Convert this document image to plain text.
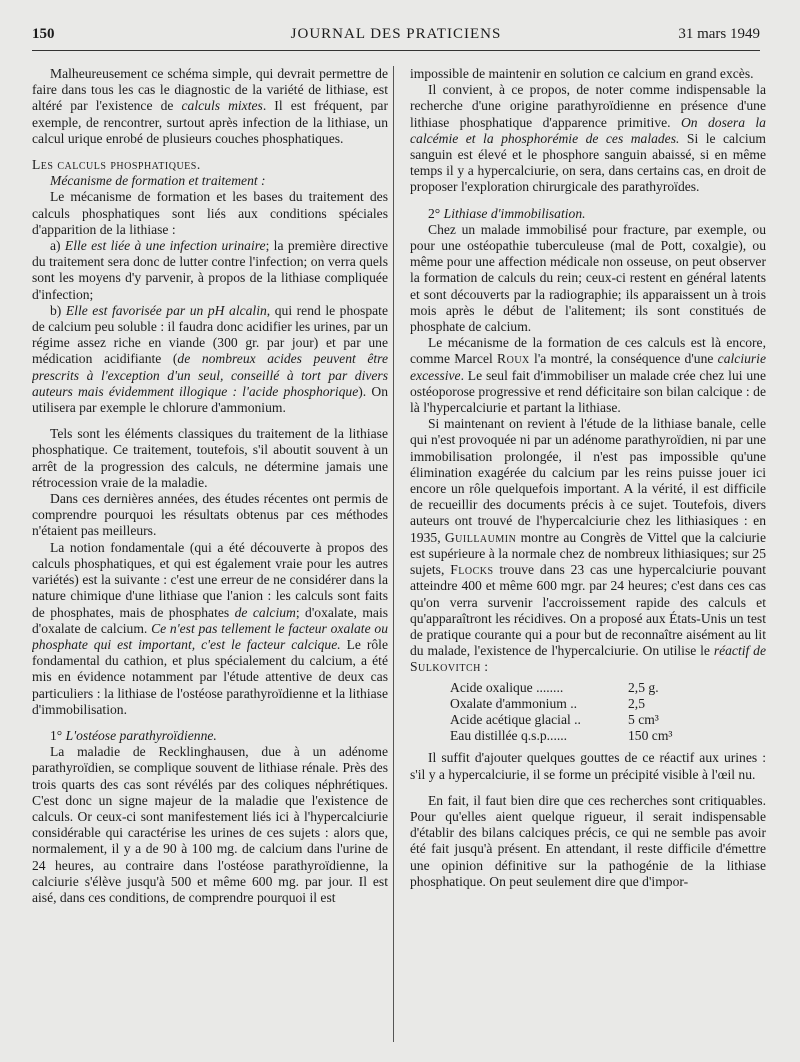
150	JOURNAL DES PRATICIENS	31 mars 1949

Malheureusement ce schéma simple, qui devrait permettre de faire dans tous les cas le diagnostic de la variété de lithiase, est altéré par l'existence de calculs mixtes. Il est fréquent, par exemple, de rencontrer, surtout après infection de la lithiase, un calcul urique enrobé de plusieurs couches phosphatiques.

Les calculs phosphatiques.

Mécanisme de formation et traitement :

Le mécanisme de formation et les bases du traitement des calculs phosphatiques sont liés aux conditions spéciales d'apparition de la lithiase :

a) Elle est liée à une infection urinaire; la première directive du traitement sera donc de lutter contre l'infection; on verra quels sont les moyens d'y parvenir, à propos de la lithiase compliquée d'infection;

b) Elle est favorisée par un pH alcalin, qui rend le phospate de calcium peu soluble : il faudra donc acidifier les urines, par un régime assez riche en viande (300 gr. par jour) et par une médication acidifiante (de nombreux acides peuvent être prescrits à l'exception d'un seul, conseillé à tort par divers auteurs mais évidemment illogique : l'acide phosphorique). On utilisera par exemple le chlorure d'ammonium.

Tels sont les éléments classiques du traitement de la lithiase phosphatique. Ce traitement, toutefois, s'il aboutit souvent à un arrêt de la progression des calculs, ne détermine jamais une rétrocession vraie de la maladie.

Dans ces dernières années, des études récentes ont permis de comprendre pourquoi les résultats obtenus par ces méthodes n'étaient pas meilleurs.

La notion fondamentale (qui a été découverte à propos des calculs phosphatiques, et qui est également vraie pour les autres variétés) est la suivante : c'est une erreur de ne considérer dans la nature chimique d'une lithiase que l'anion : les calculs sont faits de phosphates, mais de phosphates de calcium; d'oxalate, mais d'oxalate de calcium. Ce n'est pas tellement le facteur oxalate ou phosphate qui est important, c'est le facteur calcique. Le rôle fondamental du cathion, et plus spécialement du calcium, a été mis en évidence notamment par l'étude attentive de deux cas particuliers : la lithiase de l'ostéose parathyroïdienne et la lithiase d'immobilisation.

1° L'ostéose parathyroïdienne.

La maladie de Recklinghausen, due à un adénome parathyroïdien, se complique souvent de lithiase rénale. Près des trois quarts des cas sont révélés par des coliques néphrétiques. C'est donc un signe majeur de la maladie que l'existence de calculs. Or ceux-ci sont manifestement liés ici à l'hypercalciurie considérable qui caractérise les urines de ces sujets : alors que, normalement, il y a de 90 à 100 mg. de calcium dans l'urine de 24 heures, au contraire dans l'ostéose parathyroïdienne, la calciurie s'élève jusqu'à 500 et même 600 mg. par jour. Il est aisé, dans ces conditions, de comprendre pourquoi il est

impossible de maintenir en solution ce calcium en grand excès.

Il convient, à ce propos, de noter comme indispensable la recherche d'une origine parathyroïdienne en présence d'une lithiase phosphatique d'apparence primitive. On dosera la calcémie et la phosphorémie de ces malades. Si le calcium sanguin est élevé et le phosphore sanguin abaissé, si en même temps il y a hypercalciurie, on sera, dans certains cas, en droit de proposer l'exploration chirurgicale des parathyroïdes.

2° Lithiase d'immobilisation.

Chez un malade immobilisé pour fracture, par exemple, ou pour une ostéopathie tuberculeuse (mal de Pott, coxalgie), ou même pour une affection médicale non osseuse, on peut observer la formation de calculs du rein; ceux-ci restent en général latents et sont découverts par la radiographie; ils apparaissent un à trois mois après le début de l'alitement; ils sont constitués de phosphate de calcium.

Le mécanisme de la formation de ces calculs est là encore, comme Marcel Roux l'a montré, la conséquence d'une calciurie excessive. Le seul fait d'immobiliser un malade crée chez lui une ostéoporose progressive et rend déficitaire son bilan calcique : de là l'hypercalciurie et partant la lithiase.

Si maintenant on revient à l'étude de la lithiase banale, celle qui n'est provoquée ni par un adénome parathyroïdien, ni par une immobilisation prolongée, il n'est pas impossible qu'une élimination exagérée du calcium par les reins puisse jouer ici encore un rôle quelquefois important. A la vérité, il est difficile de recueillir des documents précis à ce sujet. Toutefois, divers auteurs ont trouvé de l'hypercalciurie chez les lithiasiques : en 1935, Guillaumin montre au Congrès de Vittel que la calciurie est supérieure à la normale chez de nombreux lithiasiques; sur 25 sujets, Flocks trouve dans 23 cas une hypercalciurie pouvant atteindre 400 et même 600 mgr. par 24 heures; c'est dans ces cas qu'on verra survenir l'accroissement rapide des calculs et qu'apparaîtront les récidives. On a proposé aux États-Unis un test de pratique courante qui a pour but de reconnaître aisément au lit du malade, l'existence de l'hypercalciurie. On utilise le réactif de Sulkovitch :

Acide oxalique ........	2,5 g.
Oxalate d'ammonium ..	2,5
Acide acétique glacial ..	5 cm³
Eau distillée q.s.p......	150 cm³

Il suffit d'ajouter quelques gouttes de ce réactif aux urines : s'il y a hypercalciurie, il se forme un précipité visible à l'œil nu.

En fait, il faut bien dire que ces recherches sont critiquables. Pour qu'elles aient quelque rigueur, il serait indispensable d'établir des bilans calciques précis, ce qui ne semble pas avoir été fait jusqu'à présent. En attendant, il reste difficile d'émettre une opinion définitive sur la pathogénie de la lithiase phosphatique. On peut seulement dire que d'impor-
